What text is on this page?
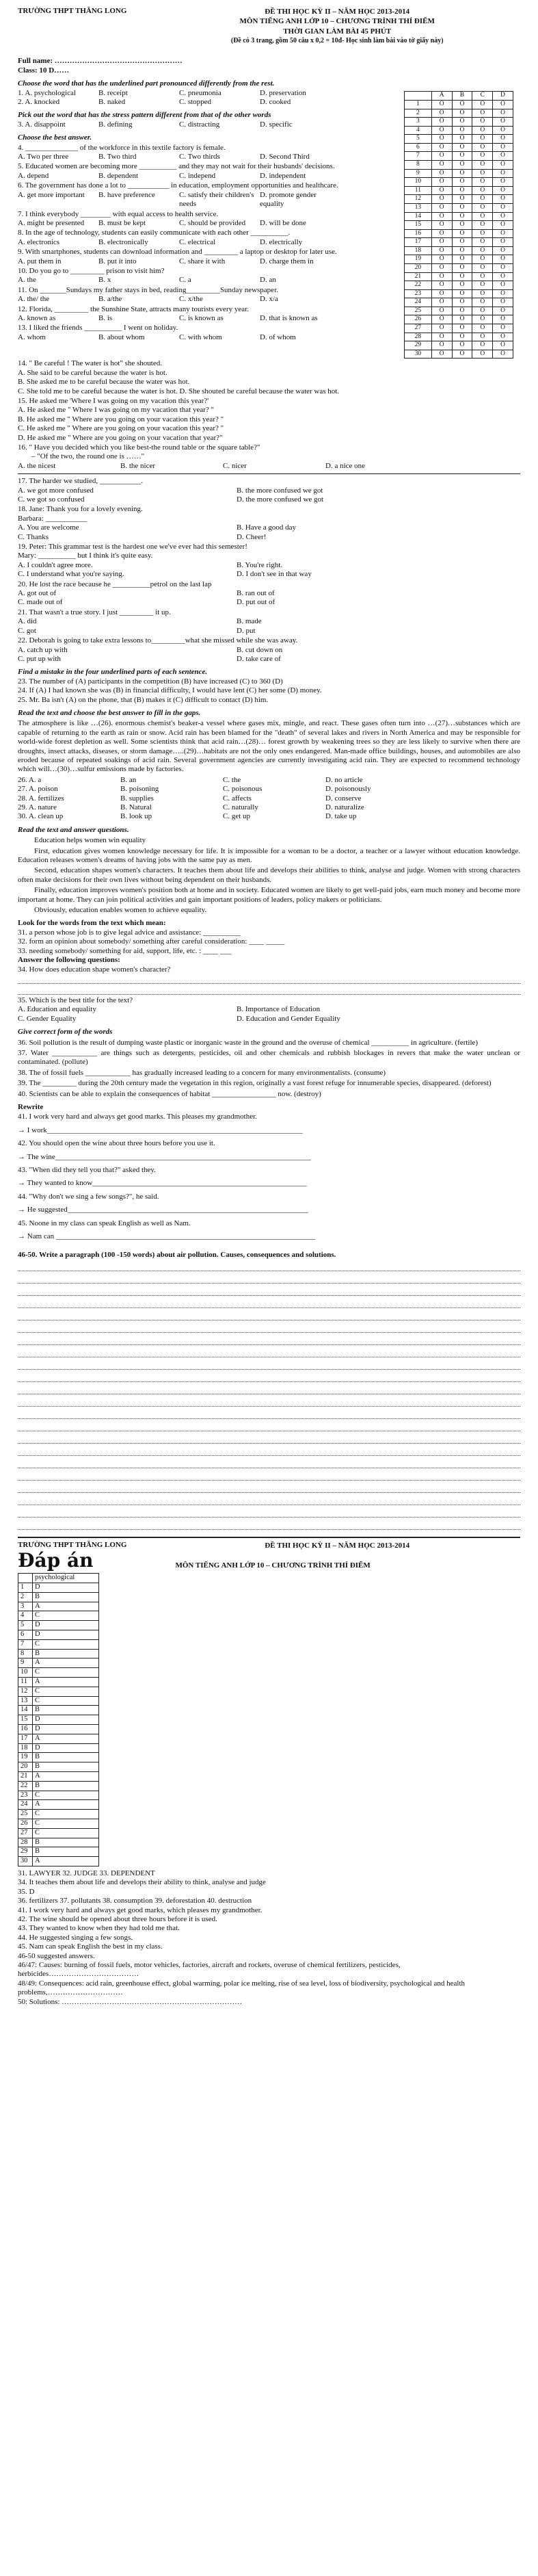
TRƯỜNG THPT THĂNG LONG	ĐỀ THI HỌC KỲ II – NĂM HỌC 2013-2014
MÔN TIẾNG ANH LỚP 10 – CHƯƠNG TRÌNH THÍ ĐIỂM
THỜI GIAN LÀM BÀI 45 PHÚT
(Đề có 3 trang, gồm 50 câu x 0,2 = 10đ- Học sinh làm bài vào tờ giấy này)
Full name: ……………………………………………
Class: 10 D……
Choose the word that has the underlined part pronounced differently from the rest.
1. A. psychological	B. receipt	C. pneumonia	D. preservation
2. A. knocked	B. naked	C. stopped	D. cooked
Pick out the word that has the stress pattern different from that of the other words
3. A. disappoint	B. defining	C. distracting	D. specific
Choose the best answer.
4. ______________ of the workforce in this textile factory is female.
A. Two per three	B. Two third	C. Two thirds	D. Second Third
5. Educated women are becoming more __________ and they may not wait for their husbands' decisions.
A. depend	B. dependent	C. independ	D. independent
6. The government has done a lot to ___________ in education, employment opportunities and healthcare.
A. get more important	B. have preference	C. satisfy their children's needs
D. promote gender equality
7. I think everybody ________ with equal access to health service.
A. might be presented	B. must be kept	C. should be provided	D. will be done
8. In the age of technology, students can easily communicate with each other __________.
A. electronics	B. electronically	C. electrical	D. electrically
9. With smartphones, students can download information and _________ a laptop or desktop for later use.
A. put them in	B. put it into	C. share it with	D. charge them in
10. Do you go to _________ prison to visit him?
A. the	B. x	C. a	D. an
11. On _______Sundays my father stays in bed, reading_________Sunday newspaper.
A. the/ the	B. a/the	C. x/the	D. x/a
12. Florida, _________ the Sunshine State, attracts many tourists every year.
A. known as	B. is	C. is known as	D. that is known as
13. I liked the friends __________ I went on holiday.
A. whom	B. about whom	C. with whom	D. of whom
	A	B	C	D
1	O	O	O	O
2	O	O	O	O
3	O	O	O	O
4	O	O	O	O
5	O	O	O	O
6	O	O	O	O
7	O	O	O	O
8	O	O	O	O
9	O	O	O	O
10	O	O	O	O
11	O	O	O	O
12	O	O	O	O
13	O	O	O	O
14	O	O	O	O
15	O	O	O	O
16	O	O	O	O
17	O	O	O	O
18	O	O	O	O
19	O	O	O	O
20	O	O	O	O
21	O	O	O	O
22	O	O	O	O
23	O	O	O	O
24	O	O	O	O
25	O	O	O	O
26	O	O	O	O
27	O	O	O	O
28	O	O	O	O
29	O	O	O	O
30	O	O	O	O
14. " Be careful ! The water is hot" she shouted.
A. She said to be careful because the water is hot.
B. She asked me to be careful because the water was hot.
C. She told me to be careful because the water is hot. D. She shouted be careful because the water was hot.
15. He asked me 'Where I was going on my vacation this year?'
A. He asked me " Where I was going on my vacation that year? "
B. He asked me " Where are you going on your vacation this year? "
C. He asked me " Where are you going on your vacation this year? "
D. He asked me " Where are you going on your vacation that year?"
16. " Have you decided which you like best-the round table or the square table?"
– "Of the two, the round one is ……"
A. the nicest	B. the nicer	C. nicer	D. a nice one
17. The harder we studied, ___________.
A. we got more confused	B. the more confused we got
C. we got so confused	D. the more confused we got
18. Jane: Thank you for a lovely evening.
Barbara: ___________
A. You are welcome	B. Have a good day
C. Thanks	D. Cheer!
19. Peter: This grammar test is the hardest one we've ever had this semester!
Mary: __________ but I think it's quite easy.
A. I couldn't agree more.	B. You're right.
C. I understand what you're saying.	D. I don't see in that way
20. He lost the race because he __________petrol on the last lap
A. got out of	B. ran out of
C. made out of	D. put out of
21. That wasn't a true story. I just _________ it up.
A. did	B. made
C. got	D. put
22. Deborah is going to take extra lessons to_________what she missed while she was away.
A. catch up with	B. cut down on
C. put up with	D. take care of
Find a mistake in the four underlined parts of each sentence.
23. The number of (A) participants in the competition (B) have increased (C) to 360 (D)
24. If (A) I had known she was (B) in financial difficulty, I would have lent (C) her some (D) money.
25. Mr. Ba isn't (A) on the phone, that (B) makes it (C) difficult to contact (D) him.
Read the text and choose the best answer to fill in the gaps.
The atmosphere is like …(26). enormous chemist's beaker-a vessel where gases mix, mingle, and react. These gases often turn into …(27)…substances which are capable of returning to the earth as rain or snow. Acid rain has been blamed for the "death" of several lakes and rivers in North America and may be responsible for world-wide forest depletion as well. Some scientists think that acid rain…(28)… forest growth by weakening trees so they are less likely to survive when there are droughts, insect attacks, diseases, or storm damage…..(29)…habitats are not the only ones endangered. Man-made office buildings, houses, and automobiles are also eroded because of repeated soakings of acid rain. Several government agencies are currently investigating acid rain. They are expected to recommend technology which will…(30)…sulfur emissions made by factories.
26. A. a	B. an	C. the	D. no article
27. A. poison	B. poisoning	C. poisonous	D. poisonously
28. A. fertilizes	B. supplies	C. affects	D. conserve
29. A. nature	B. Natural	C. naturally	D. naturalize
30. A. clean up	B. look up	C. get up	D. take up
Read the text and answer questions.
Education helps women win equality
First, education gives women knowledge necessary for life. It is impossible for a woman to be a doctor, a teacher or a lawyer without education knowledge. Education releases women's dreams of having jobs with the same pay as men.
Second, education shapes women's characters. It teaches them about life and develops their abilities to think, analyse and judge. Women with strong characters often make decisions for their own lives without being dependent on their husbands.
Finally, education improves women's position both at home and in society. Educated women are likely to get well-paid jobs, earn much money and become more important at home. They can join political activities and gain important positions of leaders, policy makers or politicians.
Obviously, education enables women to achieve equality.
Look for the words from the text which mean:
31. a person whose job is to give legal advice and assistance: __________
32. form an opinion about somebody/ something after careful consideration: ____ _____
33. needing somebody/ something for aid, support, life, etc. : ____ ___
Answer the following questions:
34. How does education shape women's character?
35. Which is the best title for the text?
A. Education and equality	B. Importance of Education
C. Gender Equality	D. Education and Gender Equality
Give correct form of the words
36. Soil pollution is the result of dumping waste plastic or inorganic waste in the ground and the overuse of chemical __________ in agriculture. (fertile)
37. Water ____________ are things such as detergents, pesticides, oil and other chemicals and rubbish blockages in revers that make the water unclean or contaminated. (pollute)
38. The of fossil fuels ____________ has gradually increased leading to a concern for many environmentalists. (consume)
39. The _________ during the 20th century made the vegetation in this region, originally a vast forest refuge for innumerable species, disappeared. (deforest)
40. Scientists can be able to explain the consequences of habitat _________________ now. (destroy)
Rewrite
41. I work very hard and always get good marks. This pleases my grandmother.
→ I work____________________________________________________________________
42. You should open the wine about three hours before you use it.
→ The wine____________________________________________________________________
43. "When did they tell you that?" asked they.
→ They wanted to know_________________________________________________________
44. "Why don't we sing a few songs?", he said.
→ He suggested________________________________________________________________
45. Noone in my class can speak English as well as Nam.
→ Nam can _____________________________________________________________________
46-50. Write a paragraph (100 -150 words) about air pollution. Causes, consequences and solutions.
TRƯỜNG THPT THĂNG LONG	ĐỀ THI HỌC KỲ II – NĂM HỌC 2013-2014
Đáp án	MÔN TIẾNG ANH LỚP 10 – CHƯƠNG TRÌNH THÍ ĐIỂM
	psychological
1	D
2	B
3	A
4	C
5	D
6	D
7	C
8	B
9	A
10	C
11	A
12	C
13	C
14	B
15	D
16	D
17	A
18	D
19	B
20	B
21	A
22	B
23	C
24	A
25	C
26	C
27	C
28	B
29	B
30	A
31. LAWYER 32. JUDGE 33. DEPENDENT
34. It teaches them about life and develops their ability to think, analyse and judge
35. D
36. fertilizers 37. pollutants 38. consumption 39. deforestation 40. destruction
41. I work very hard and always get good marks, which pleases my grandmother.
42. The wine should be opened about three hours before it is used.
43. They wanted to know when they had told me that.
44. He suggested singing a few songs.
45. Nam can speak English the best in my class.
46-50 suggested answers.
46/47: Causes: burning of fossil fuels, motor vehicles, factories, aircraft and rockets, overuse of chemical fertilizers, pesticides, herbicides………………………………
48/49: Consequences: acid rain, greenhouse effect, global warming, polar ice melting, rise of sea level, loss of biodiversity, psychological and health problems,…………………………
50: Solutions: ………………………………………………………………
